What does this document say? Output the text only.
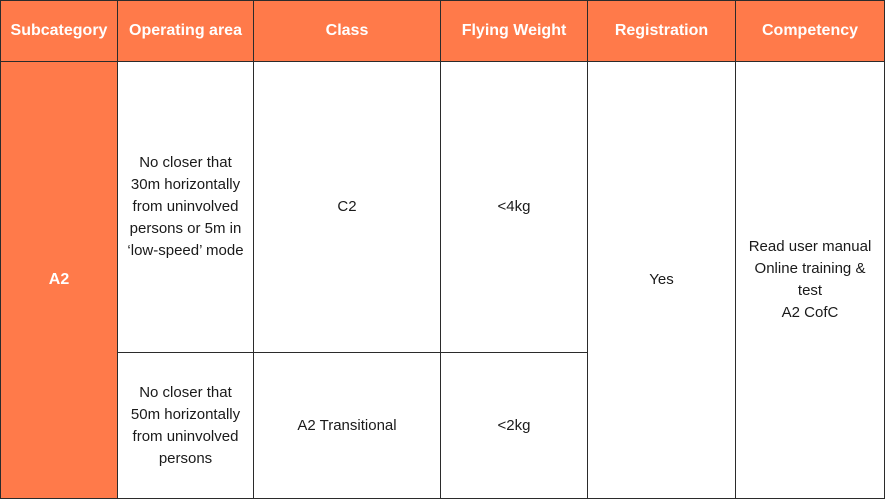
Subcategory	Operating area	Class	Flying Weight	Registration	Competency
A2	No closer that 30m horizontally from uninvolved persons or 5m in ‘low-speed’ mode	C2	<4kg	Yes	Read user manual
Online training & test
A2 CofC

	No closer that 50m horizontally from uninvolved persons	A2 Transitional	<2kg		
